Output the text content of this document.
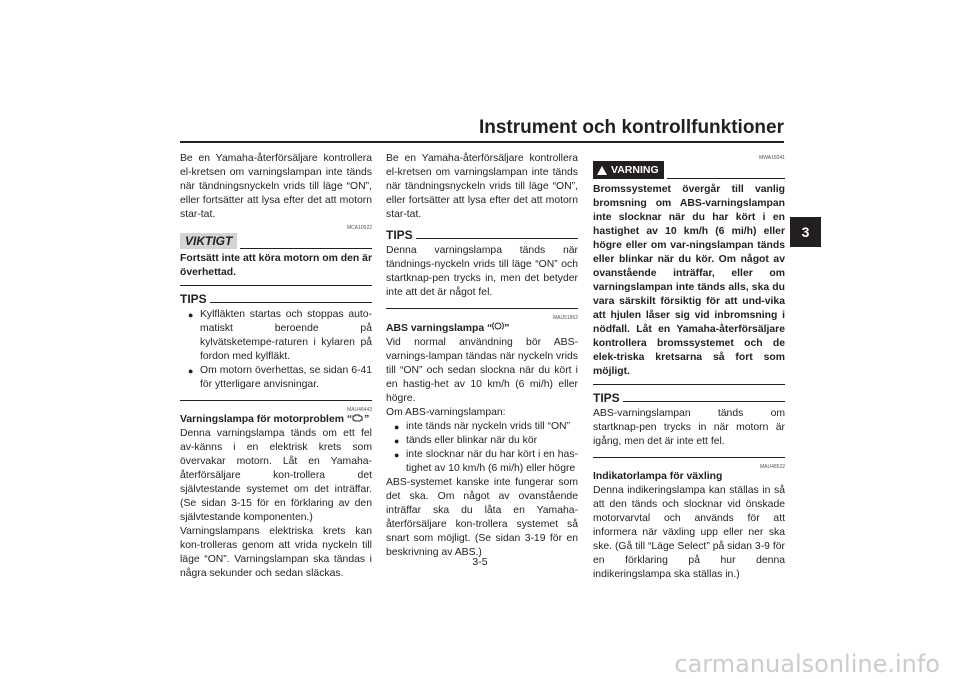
Instrument och kontrollfunktioner
3

Be en Yamaha-återförsäljare kontrollera el-kretsen om varningslampan inte tänds när tändningsnyckeln vrids till läge “ON”, eller fortsätter att lysa efter det att motorn star-tat.

MCA10022
VIKTIGT

Fortsätt inte att köra motorn om den är överhettad.

TIPS
● Kylfläkten startas och stoppas auto-matiskt beroende på kylvätsketempe-raturen i kylaren på fordon med kylfläkt.
● Om motorn överhettas, se sidan 6-41 för ytterligare anvisningar.
MAU46443

Varningslampa för motorproblem “ ”

Denna varningslampa tänds om ett fel av-känns i en elektrisk krets som övervakar motorn. Låt en Yamaha-återförsäljare kon-trollera det självtestande systemet om det inträffar. (Se sidan 3-15 för en förklaring av den självtestande komponenten.)

Varningslampans elektriska krets kan kon-trolleras genom att vrida nyckeln till läge “ON”. Varningslampan ska tändas i några sekunder och sedan släckas.

Be en Yamaha-återförsäljare kontrollera el-kretsen om varningslampan inte tänds när tändningsnyckeln vrids till läge “ON”, eller fortsätter att lysa efter det att motorn star-tat.

TIPS

Denna varningslampa tänds när tändnings-nyckeln vrids till läge “ON” och startknap-pen trycks in, men det betyder inte att det är något fel.

MAU51862

ABS varningslampa “ ”

Vid normal användning bör ABS-varnings-lampan tändas när nyckeln vrids till “ON” och sedan slockna när du kört i en hastig-het av 10 km/h (6 mi/h) eller högre.

Om ABS-varningslampan:

● inte tänds när nyckeln vrids till “ON”
● tänds eller blinkar när du kör
● inte slocknar när du har kört i en has-tighet av 10 km/h (6 mi/h) eller högre

ABS-systemet kanske inte fungerar som det ska. Om något av ovanstående inträffar ska du låta en Yamaha-återförsäljare kon-trollera systemet så snart som möjligt. (Se sidan 3-19 för en beskrivning av ABS.)

MWA16041
VARNING

Bromssystemet övergår till vanlig bromsning om ABS-varningslampan inte slocknar när du har kört i en hastighet av 10 km/h (6 mi/h) eller högre eller om var-ningslampan tänds eller blinkar när du kör. Om något av ovanstående inträffar, eller om varningslampan inte tänds alls, ska du vara särskilt försiktig för att und-vika att hjulen låser sig vid inbromsning i nödfall. Låt en Yamaha-återförsäljare kontrollera bromssystemet och de elek-triska kretsarna så fort som möjligt.

TIPS

ABS-varningslampan tänds om startknap-pen trycks in när motorn är igång, men det är inte ett fel.

MAU48522

Indikatorlampa för växling

Denna indikeringslampa kan ställas in så att den tänds och slocknar vid önskade motorvarvtal och används för att informera när växling upp eller ner ska ske. (Gå till “Läge Select” på sidan 3-9 för en förklaring på hur denna indikeringslampa ska ställas in.)

3-5
carmanualsonline.info
